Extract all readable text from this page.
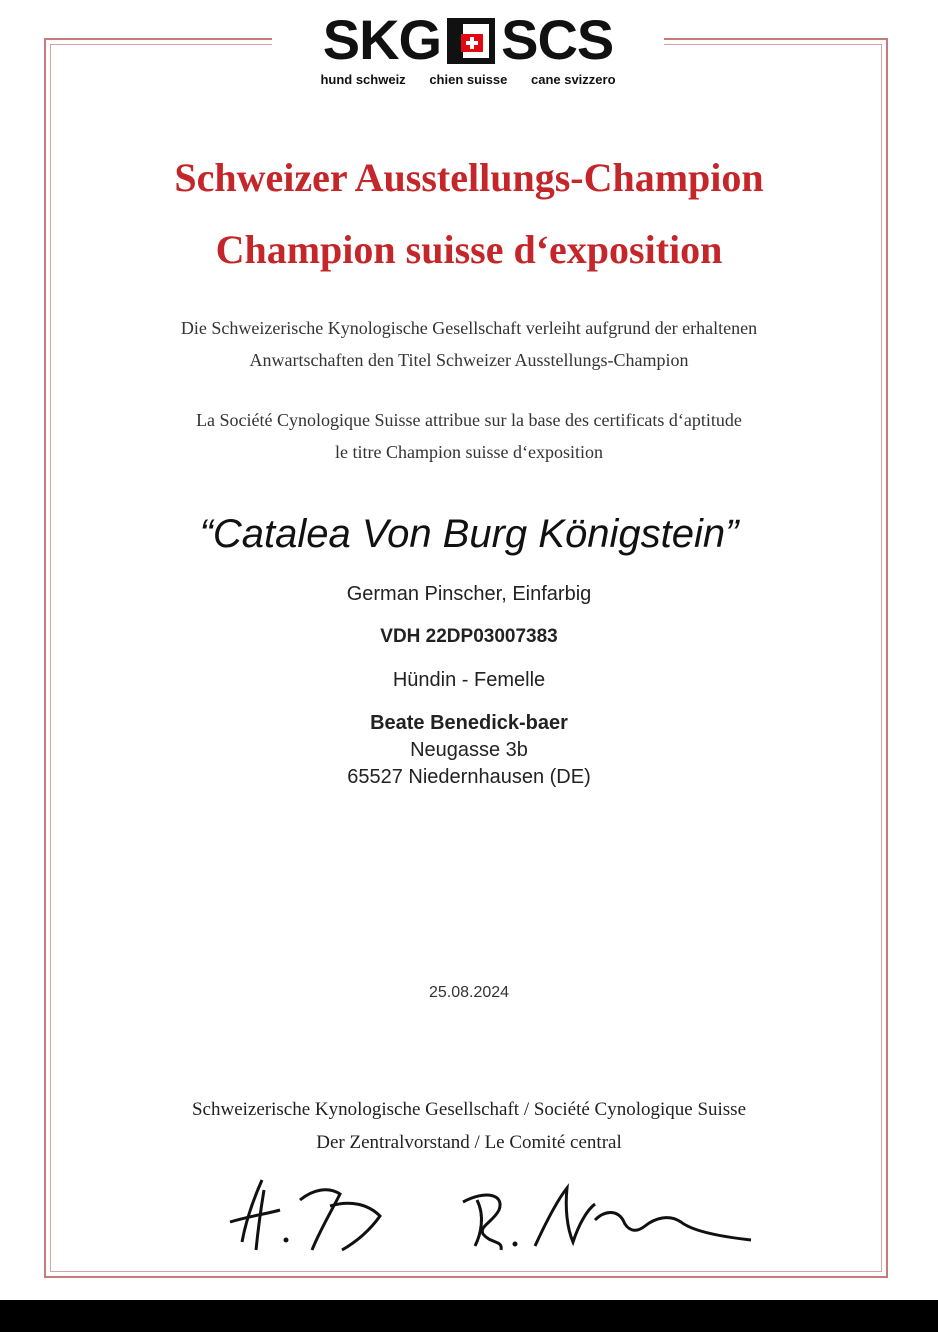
SKG SCS
hund schweiz chien suisse cane svizzero
Schweizer Ausstellungs-Champion
Champion suisse d‘exposition
Die Schweizerische Kynologische Gesellschaft verleiht aufgrund der erhaltenen
Anwartschaften den Titel Schweizer Ausstellungs-Champion
La Société Cynologique Suisse attribue sur la base des certificats d‘aptitude
le titre Champion suisse d‘exposition
“Catalea Von Burg Königstein”
German Pinscher, Einfarbig
VDH 22DP03007383
Hündin - Femelle
Beate Benedick-baer
Neugasse 3b
65527 Niedernhausen (DE)
25.08.2024
Schweizerische Kynologische Gesellschaft / Société Cynologique Suisse
Der Zentralvorstand / Le Comité central
